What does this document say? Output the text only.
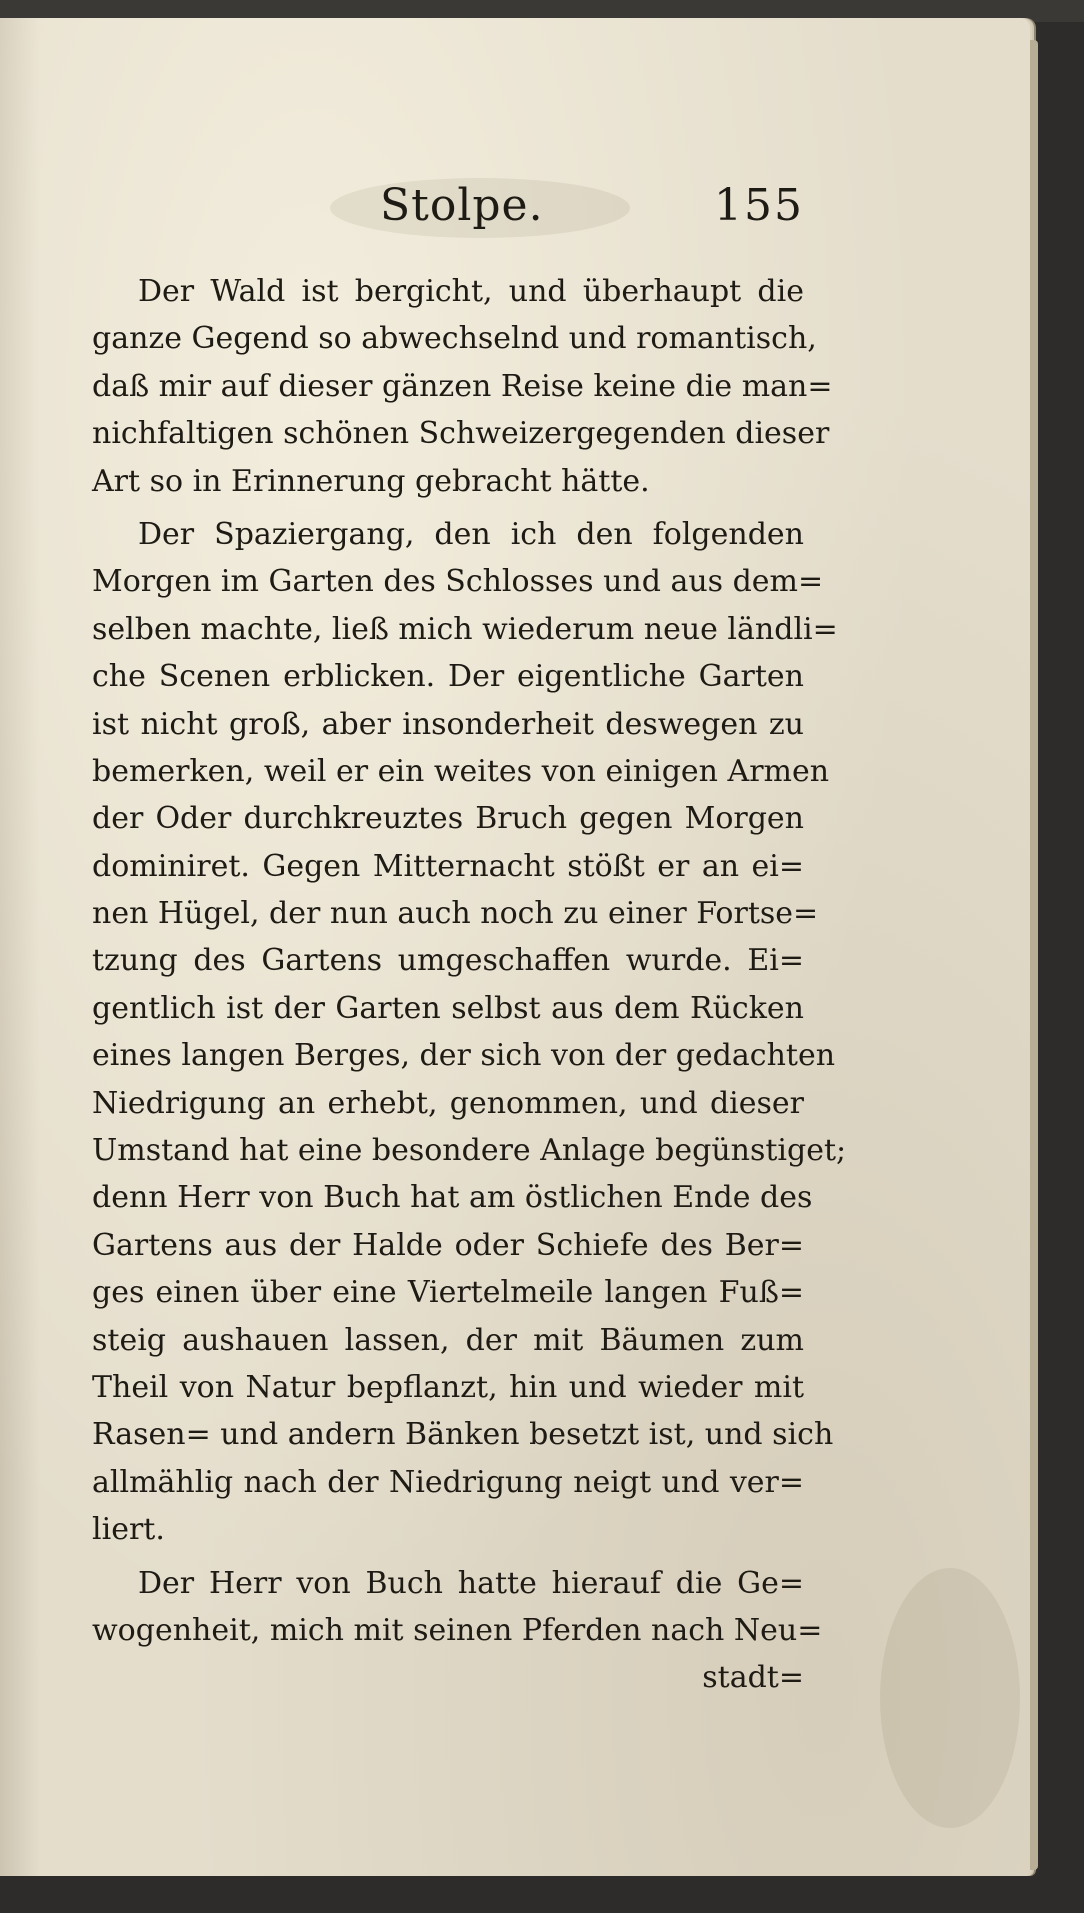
Stolpe.	155
Der Wald ist bergicht, und überhaupt die
ganze Gegend so abwechselnd und romantisch,
daß mir auf dieser gänzen Reise keine die man=
nichfaltigen schönen Schweizergegenden dieser
Art so in Erinnerung gebracht hätte.
Der Spaziergang, den ich den folgenden
Morgen im Garten des Schlosses und aus dem=
selben machte, ließ mich wiederum neue ländli=
che Scenen erblicken. Der eigentliche Garten
ist nicht groß, aber insonderheit deswegen zu
bemerken, weil er ein weites von einigen Armen
der Oder durchkreuztes Bruch gegen Morgen
dominiret. Gegen Mitternacht stößt er an ei=
nen Hügel, der nun auch noch zu einer Fortse=
tzung des Gartens umgeschaffen wurde. Ei=
gentlich ist der Garten selbst aus dem Rücken
eines langen Berges, der sich von der gedachten
Niedrigung an erhebt, genommen, und dieser
Umstand hat eine besondere Anlage begünstiget;
denn Herr von Buch hat am östlichen Ende des
Gartens aus der Halde oder Schiefe des Ber=
ges einen über eine Viertelmeile langen Fuß=
steig aushauen lassen, der mit Bäumen zum
Theil von Natur bepflanzt, hin und wieder mit
Rasen= und andern Bänken besetzt ist, und sich
allmählig nach der Niedrigung neigt und ver=
liert.
Der Herr von Buch hatte hierauf die Ge=
wogenheit, mich mit seinen Pferden nach Neu=
stadt=
